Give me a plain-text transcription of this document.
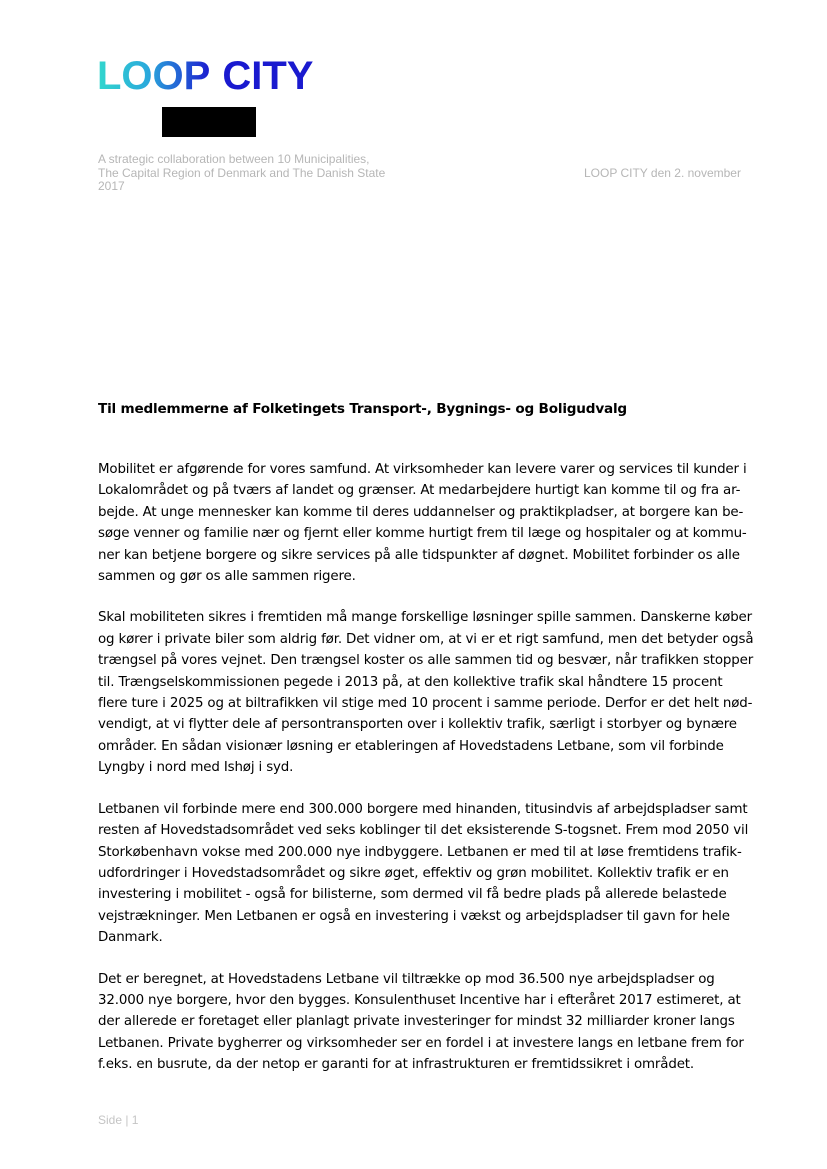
LOOP CITY
A strategic collaboration between 10 Municipalities,
The Capital Region of Denmark and The Danish State
2017
LOOP CITY den 2. november
Til medlemmerne af Folketingets Transport-, Bygnings- og Boligudvalg

Mobilitet er afgørende for vores samfund. At virksomheder kan levere varer og services til kunder i
Lokalområdet og på tværs af landet og grænser. At medarbejdere hurtigt kan komme til og fra ar-
bejde. At unge mennesker kan komme til deres uddannelser og praktikpladser, at borgere kan be-
søge venner og familie nær og fjernt eller komme hurtigt frem til læge og hospitaler og at kommu-
ner kan betjene borgere og sikre services på alle tidspunkter af døgnet. Mobilitet forbinder os alle
sammen og gør os alle sammen rigere.

Skal mobiliteten sikres i fremtiden må mange forskellige løsninger spille sammen. Danskerne køber
og kører i private biler som aldrig før. Det vidner om, at vi er et rigt samfund, men det betyder også
trængsel på vores vejnet. Den trængsel koster os alle sammen tid og besvær, når trafikken stopper
til. Trængselskommissionen pegede i 2013 på, at den kollektive trafik skal håndtere 15 procent
flere ture i 2025 og at biltrafikken vil stige med 10 procent i samme periode. Derfor er det helt nød-
vendigt, at vi flytter dele af persontransporten over i kollektiv trafik, særligt i storbyer og bynære
områder. En sådan visionær løsning er etableringen af Hovedstadens Letbane, som vil forbinde
Lyngby i nord med Ishøj i syd.

Letbanen vil forbinde mere end 300.000 borgere med hinanden, titusindvis af arbejdspladser samt
resten af Hovedstadsområdet ved seks koblinger til det eksisterende S-togsnet. Frem mod 2050 vil
Storkøbenhavn vokse med 200.000 nye indbyggere. Letbanen er med til at løse fremtidens trafik-
udfordringer i Hovedstadsområdet og sikre øget, effektiv og grøn mobilitet. Kollektiv trafik er en
investering i mobilitet - også for bilisterne, som dermed vil få bedre plads på allerede belastede
vejstrækninger. Men Letbanen er også en investering i vækst og arbejdspladser til gavn for hele
Danmark.

Det er beregnet, at Hovedstadens Letbane vil tiltrække op mod 36.500 nye arbejdspladser og
32.000 nye borgere, hvor den bygges. Konsulenthuset Incentive har i efteråret 2017 estimeret, at
der allerede er foretaget eller planlagt private investeringer for mindst 32 milliarder kroner langs
Letbanen. Private bygherrer og virksomheder ser en fordel i at investere langs en letbane frem for
f.eks. en busrute, da der netop er garanti for at infrastrukturen er fremtidssikret i området.

Side | 1
